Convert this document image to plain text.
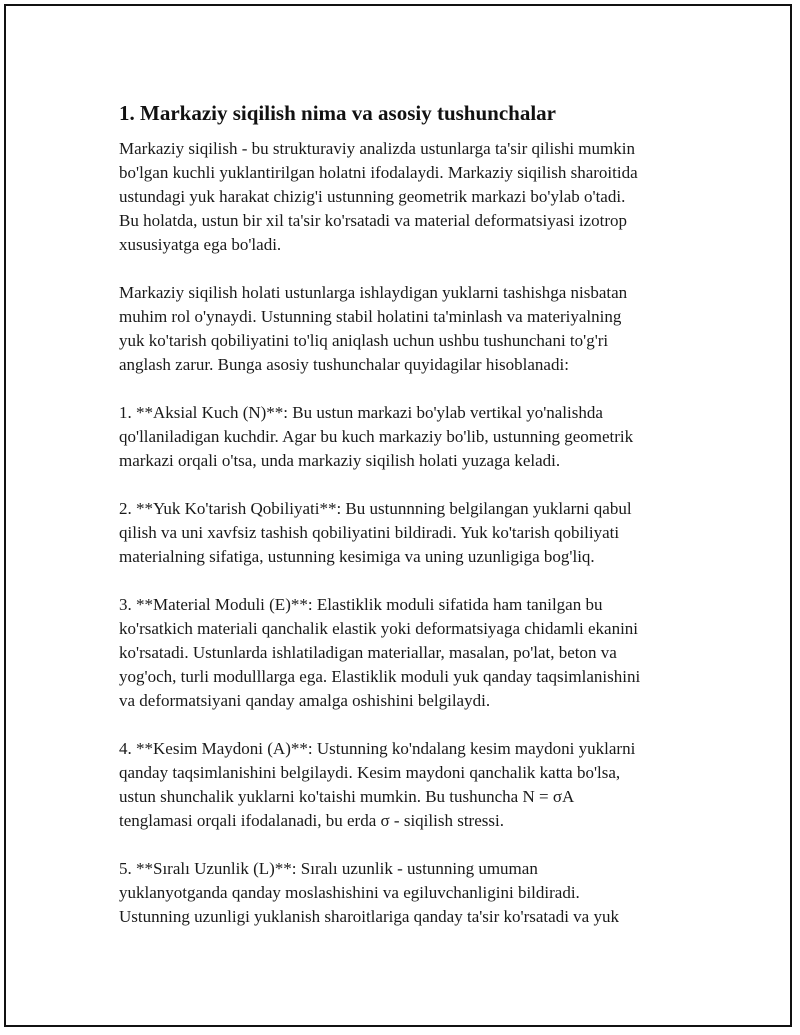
1. Markaziy siqilish nima va asosiy tushunchalar

Markaziy siqilish - bu strukturaviy analizda ustunlarga ta'sir qilishi mumkin
bo'lgan kuchli yuklantirilgan holatni ifodalaydi. Markaziy siqilish sharoitida
ustundagi yuk harakat chizig'i ustunning geometrik markazi bo'ylab o'tadi.
Bu holatda, ustun bir xil ta'sir ko'rsatadi va material deformatsiyasi izotrop
xususiyatga ega bo'ladi.

Markaziy siqilish holati ustunlarga ishlaydigan yuklarni tashishga nisbatan
muhim rol o'ynaydi. Ustunning stabil holatini ta'minlash va materiyalning
yuk ko'tarish qobiliyatini to'liq aniqlash uchun ushbu tushunchani to'g'ri
anglash zarur. Bunga asosiy tushunchalar quyidagilar hisoblanadi:

1. **Aksial Kuch (N)**: Bu ustun markazi bo'ylab vertikal yo'nalishda
qo'llaniladigan kuchdir. Agar bu kuch markaziy bo'lib, ustunning geometrik
markazi orqali o'tsa, unda markaziy siqilish holati yuzaga keladi.

2. **Yuk Ko'tarish Qobiliyati**: Bu ustunnning belgilangan yuklarni qabul
qilish va uni xavfsiz tashish qobiliyatini bildiradi. Yuk ko'tarish qobiliyati
materialning sifatiga, ustunning kesimiga va uning uzunligiga bog'liq.

3. **Material Moduli (E)**: Elastiklik moduli sifatida ham tanilgan bu
ko'rsatkich materiali qanchalik elastik yoki deformatsiyaga chidamli ekanini
ko'rsatadi. Ustunlarda ishlatiladigan materiallar, masalan, po'lat, beton va
yog'och, turli modulllarga ega. Elastiklik moduli yuk qanday taqsimlanishini
va deformatsiyani qanday amalga oshishini belgilaydi.

4. **Kesim Maydoni (A)**: Ustunning ko'ndalang kesim maydoni yuklarni
qanday taqsimlanishini belgilaydi. Kesim maydoni qanchalik katta bo'lsa,
ustun shunchalik yuklarni ko'taishi mumkin. Bu tushuncha N = σA
tenglamasi orqali ifodalanadi, bu erda σ - siqilish stressi.

5. **Sıralı Uzunlik (L)**: Sıralı uzunlik - ustunning umuman
yuklanyotganda qanday moslashishini va egiluvchanligini bildiradi.
Ustunning uzunligi yuklanish sharoitlariga qanday ta'sir ko'rsatadi va yuk
